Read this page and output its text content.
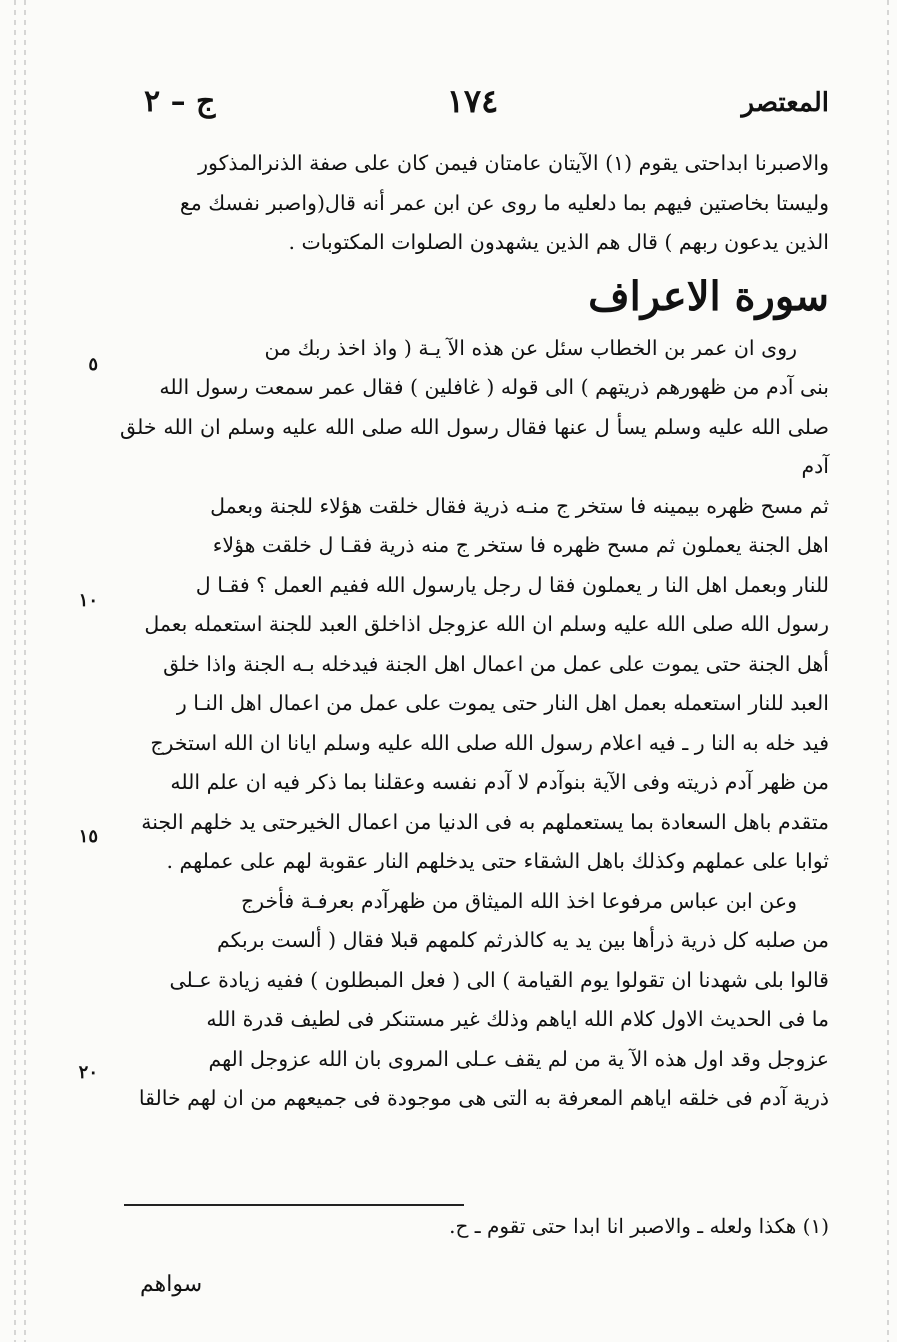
المعتصر
١٧٤
ج – ٢
٥
١٠
١٥
٢٠

والاصبرنا ابداحتى يقوم (١) الآيتان عامتان فيمن كان على صفة الذنرالمذكور

وليستا بخاصتين فيهم بما دلعليه ما روى عن ابن عمر أنه قال(واصبر نفسك مع

الذين يدعون ربهم ) قال هم الذين يشهدون الصلوات المكتوبات .

سورة الاعراف

روى ان عمر بن الخطاب سئل عن هذه الآ يـة ( واذ اخذ ربك من

بنى آدم من ظهورهم ذريتهم ) الى قوله ( غافلين ) فقال عمر سمعت رسول الله

صلى الله عليه وسلم يسأ ل عنها فقال رسول الله صلى الله عليه وسلم ان الله خلق آدم

ثم مسح ظهره بيمينه فا ستخر ج منـه ذرية فقال خلقت هؤلاء للجنة وبعمل

اهل الجنة يعملون ثم مسح ظهره فا ستخر ج منه ذرية فقـا ل خلقت هؤلاء

للنار وبعمل اهل النا ر يعملون فقا ل رجل يارسول الله ففيم العمل ؟ فقـا ل

رسول الله صلى الله عليه وسلم ان الله عزوجل اذاخلق العبد للجنة استعمله بعمل

أهل الجنة حتى يموت على عمل من اعمال اهل الجنة فيدخله بـه الجنة واذا خلق

العبد للنار استعمله بعمل اهل النار حتى يموت على عمل من اعمال اهل النـا ر

فيد خله به النا ر ـ فيه اعلام رسول الله صلى الله عليه وسلم ايانا ان الله استخرج

من ظهر آدم ذريته وفى الآية بنوآدم لا آدم نفسه وعقلنا بما ذكر فيه ان علم الله

متقدم باهل السعادة بما يستعملهم به فى الدنيا من اعمال الخيرحتى يد خلهم الجنة

ثوابا على عملهم وكذلك باهل الشقاء حتى يدخلهم النار عقوبة لهم على عملهم .

وعن ابن عباس مرفوعا اخذ الله الميثاق من ظهرآدم بعرفـة فأخرج

من صلبه كل ذرية ذرأها بين يد يه كالذرثم كلمهم قبلا فقال ( ألست بربكم

قالوا بلى شهدنا ان تقولوا يوم القيامة ) الى ( فعل المبطلون ) ففيه زيادة عـلى

ما فى الحديث الاول كلام الله اياهم وذلك غير مستنكر فى لطيف قدرة الله

عزوجل وقد اول هذه الآ ية من لم يقف عـلى المروى بان الله عزوجل الهم

ذرية آدم فى خلقه اياهم المعرفة به التى هى موجودة فى جميعهم من ان لهم خالقا

(١) هكذا ولعله ـ والاصبر انا ابدا حتى تقوم ـ ح.
سواهم
